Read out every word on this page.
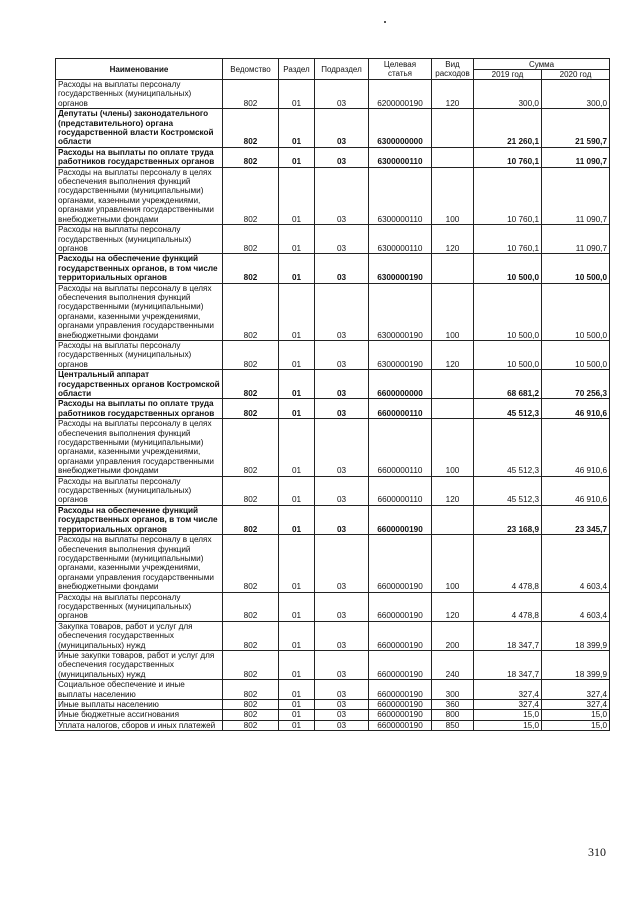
Наименование	Ведомство	Раздел	Подраздел	Целевая статья	Вид расходов	Сумма	
						2019 год	2020 год
Расходы на выплаты персоналу государственных (муниципальных) органов	802	01	03	6200000190	120	300,0	300,0
Депутаты (члены) законодательного (представительного) органа государственной власти Костромской области	802	01	03	6300000000		21 260,1	21 590,7
Расходы на выплаты по оплате труда работников государственных органов	802	01	03	6300000110		10 760,1	11 090,7
Расходы на выплаты персоналу в целях обеспечения выполнения функций государственными (муниципальными) органами, казенными учреждениями, органами управления государственными внебюджетными фондами	802	01	03	6300000110	100	10 760,1	11 090,7
Расходы на выплаты персоналу государственных (муниципальных) органов	802	01	03	6300000110	120	10 760,1	11 090,7
Расходы на обеспечение функций государственных органов, в том числе территориальных органов	802	01	03	6300000190		10 500,0	10 500,0
Расходы на выплаты персоналу в целях обеспечения выполнения функций государственными (муниципальными) органами, казенными учреждениями, органами управления государственными внебюджетными фондами	802	01	03	6300000190	100	10 500,0	10 500,0
Расходы на выплаты персоналу государственных (муниципальных) органов	802	01	03	6300000190	120	10 500,0	10 500,0
Центральный аппарат государственных органов Костромской области	802	01	03	6600000000		68 681,2	70 256,3
Расходы на выплаты по оплате труда работников государственных органов	802	01	03	6600000110		45 512,3	46 910,6
Расходы на выплаты персоналу в целях обеспечения выполнения функций государственными (муниципальными) органами, казенными учреждениями, органами управления государственными внебюджетными фондами	802	01	03	6600000110	100	45 512,3	46 910,6
Расходы на выплаты персоналу государственных (муниципальных) органов	802	01	03	6600000110	120	45 512,3	46 910,6
Расходы на обеспечение функций государственных органов, в том числе территориальных органов	802	01	03	6600000190		23 168,9	23 345,7
Расходы на выплаты персоналу в целях обеспечения выполнения функций государственными (муниципальными) органами, казенными учреждениями, органами управления государственными внебюджетными фондами	802	01	03	6600000190	100	4 478,8	4 603,4
Расходы на выплаты персоналу государственных (муниципальных) органов	802	01	03	6600000190	120	4 478,8	4 603,4
Закупка товаров, работ и услуг для обеспечения государственных (муниципальных) нужд	802	01	03	6600000190	200	18 347,7	18 399,9
Иные закупки товаров, работ и услуг для обеспечения государственных (муниципальных) нужд	802	01	03	6600000190	240	18 347,7	18 399,9
Социальное обеспечение и иные выплаты населению	802	01	03	6600000190	300	327,4	327,4
Иные выплаты населению	802	01	03	6600000190	360	327,4	327,4
Иные бюджетные ассигнования	802	01	03	6600000190	800	15,0	15,0
Уплата налогов, сборов и иных платежей	802	01	03	6600000190	850	15,0	15,0
310
